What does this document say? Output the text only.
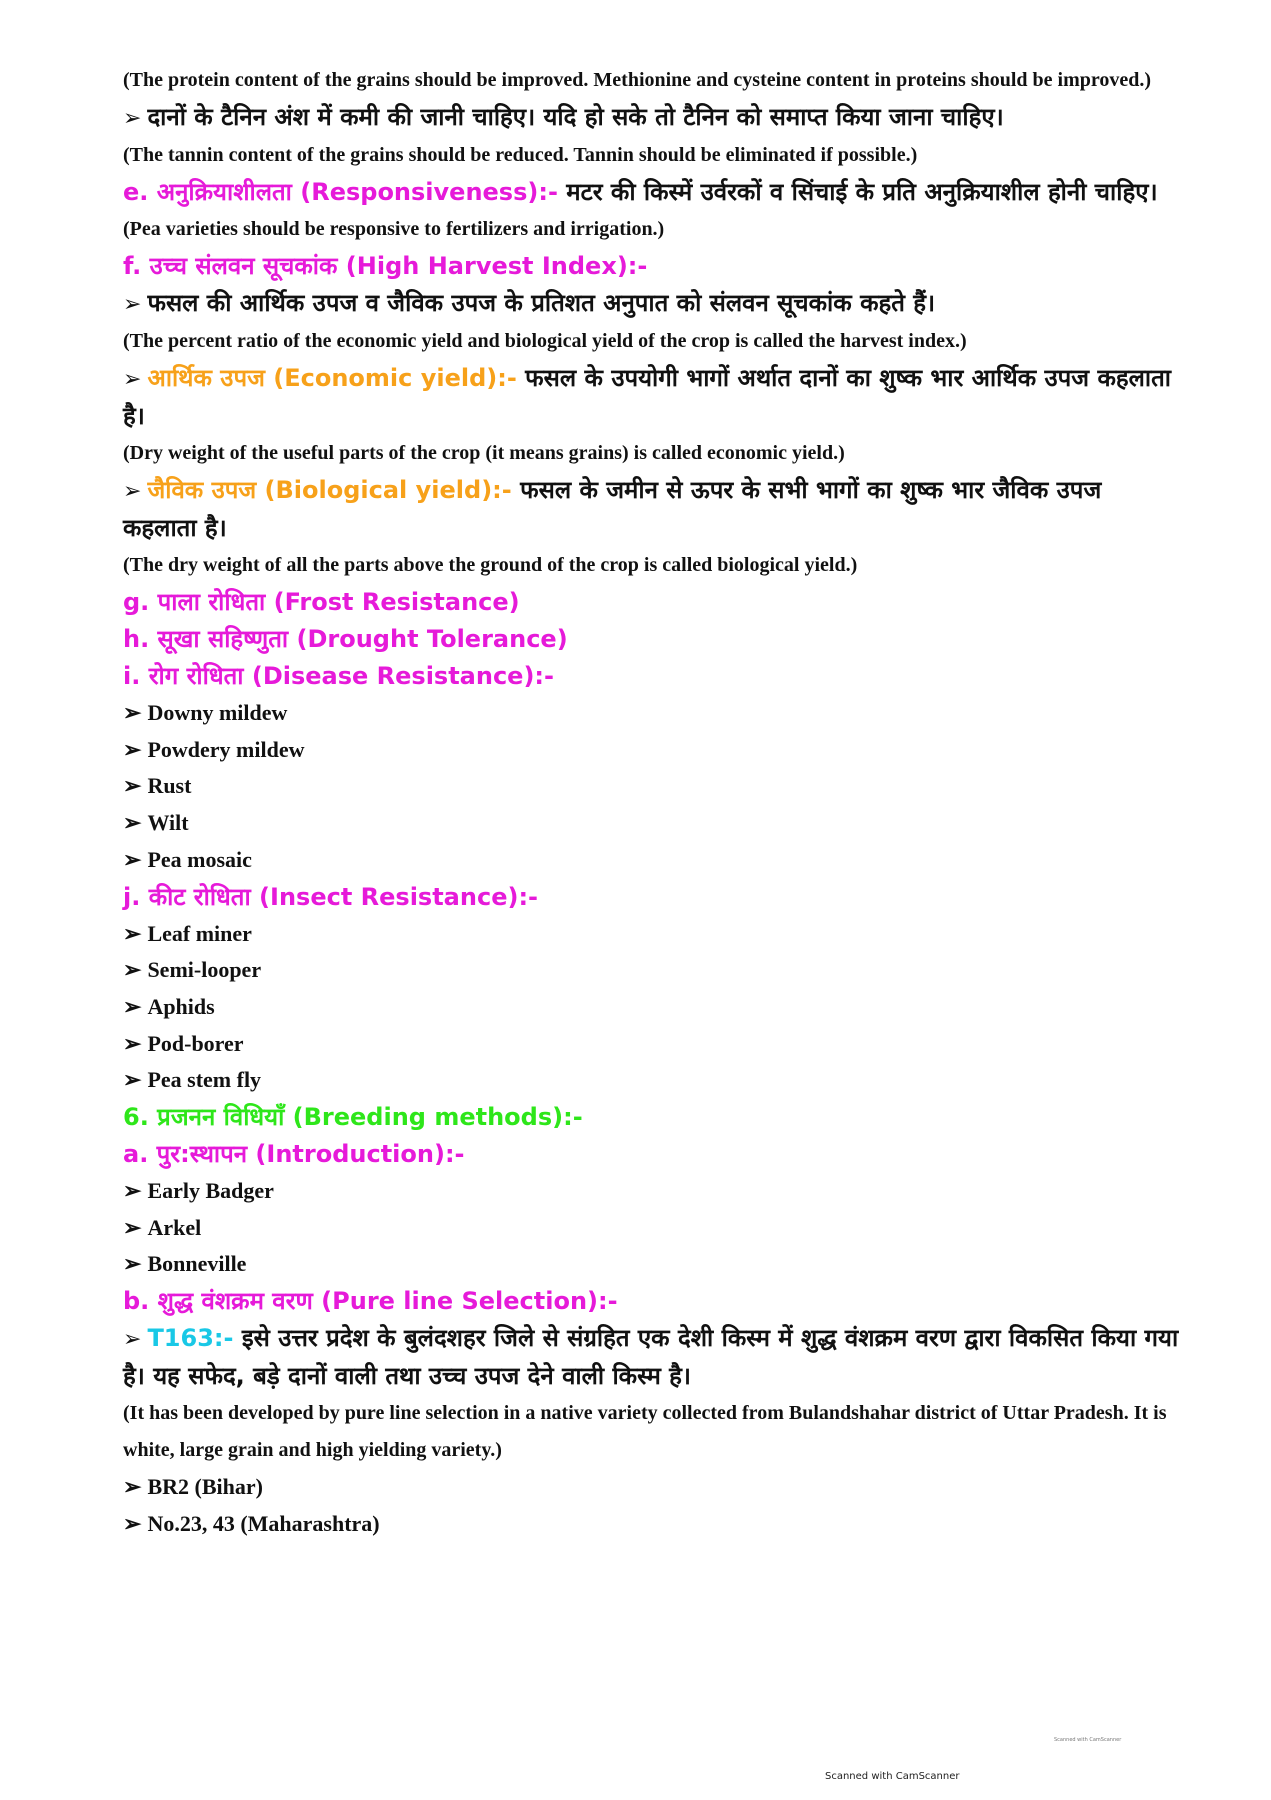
(The protein content of the grains should be improved. Methionine and cysteine content in proteins should be improved.)

➢ दानों के टैनिन अंश में कमी की जानी चाहिए। यदि हो सके तो टैनिन को समाप्त किया जाना चाहिए।

(The tannin content of the grains should be reduced. Tannin should be eliminated if possible.)

e. अनुक्रियाशीलता (Responsiveness):- मटर की किस्में उर्वरकों व सिंचाई के प्रति अनुक्रियाशील होनी चाहिए।

(Pea varieties should be responsive to fertilizers and irrigation.)

f. उच्च संलवन सूचकांक (High Harvest Index):-

➢ फसल की आर्थिक उपज व जैविक उपज के प्रतिशत अनुपात को संलवन सूचकांक कहते हैं।

(The percent ratio of the economic yield and biological yield of the crop is called the harvest index.)

➢ आर्थिक उपज (Economic yield):- फसल के उपयोगी भागों अर्थात दानों का शुष्क भार आर्थिक उपज कहलाता है।

(Dry weight of the useful parts of the crop (it means grains) is called economic yield.)

➢ जैविक उपज (Biological yield):- फसल के जमीन से ऊपर के सभी भागों का शुष्क भार जैविक उपज कहलाता है।

(The dry weight of all the parts above the ground of the crop is called biological yield.)

g. पाला रोधिता (Frost Resistance)

h. सूखा सहिष्णुता (Drought Tolerance)

i. रोग रोधिता (Disease Resistance):-

➢ Downy mildew

➢ Powdery mildew

➢ Rust

➢ Wilt

➢ Pea mosaic

j. कीट रोधिता (Insect Resistance):-

➢ Leaf miner

➢ Semi-looper

➢ Aphids

➢ Pod-borer

➢ Pea stem fly

6. प्रजनन विधियाँ (Breeding methods):-

a. पुर:स्थापन (Introduction):-

➢ Early Badger

➢ Arkel

➢ Bonneville

b. शुद्ध वंशक्रम वरण (Pure line Selection):-

➢ T163:- इसे उत्तर प्रदेश के बुलंदशहर जिले से संग्रहित एक देशी किस्म में शुद्ध वंशक्रम वरण द्वारा विकसित किया गया है। यह सफेद, बड़े दानों वाली तथा उच्च उपज देने वाली किस्म है।

(It has been developed by pure line selection in a native variety collected from Bulandshahar district of Uttar Pradesh. It is white, large grain and high yielding variety.)

➢ BR2 (Bihar)

➢ No.23, 43 (Maharashtra)

Scanned with CamScanner
Scanned with CamScanner
